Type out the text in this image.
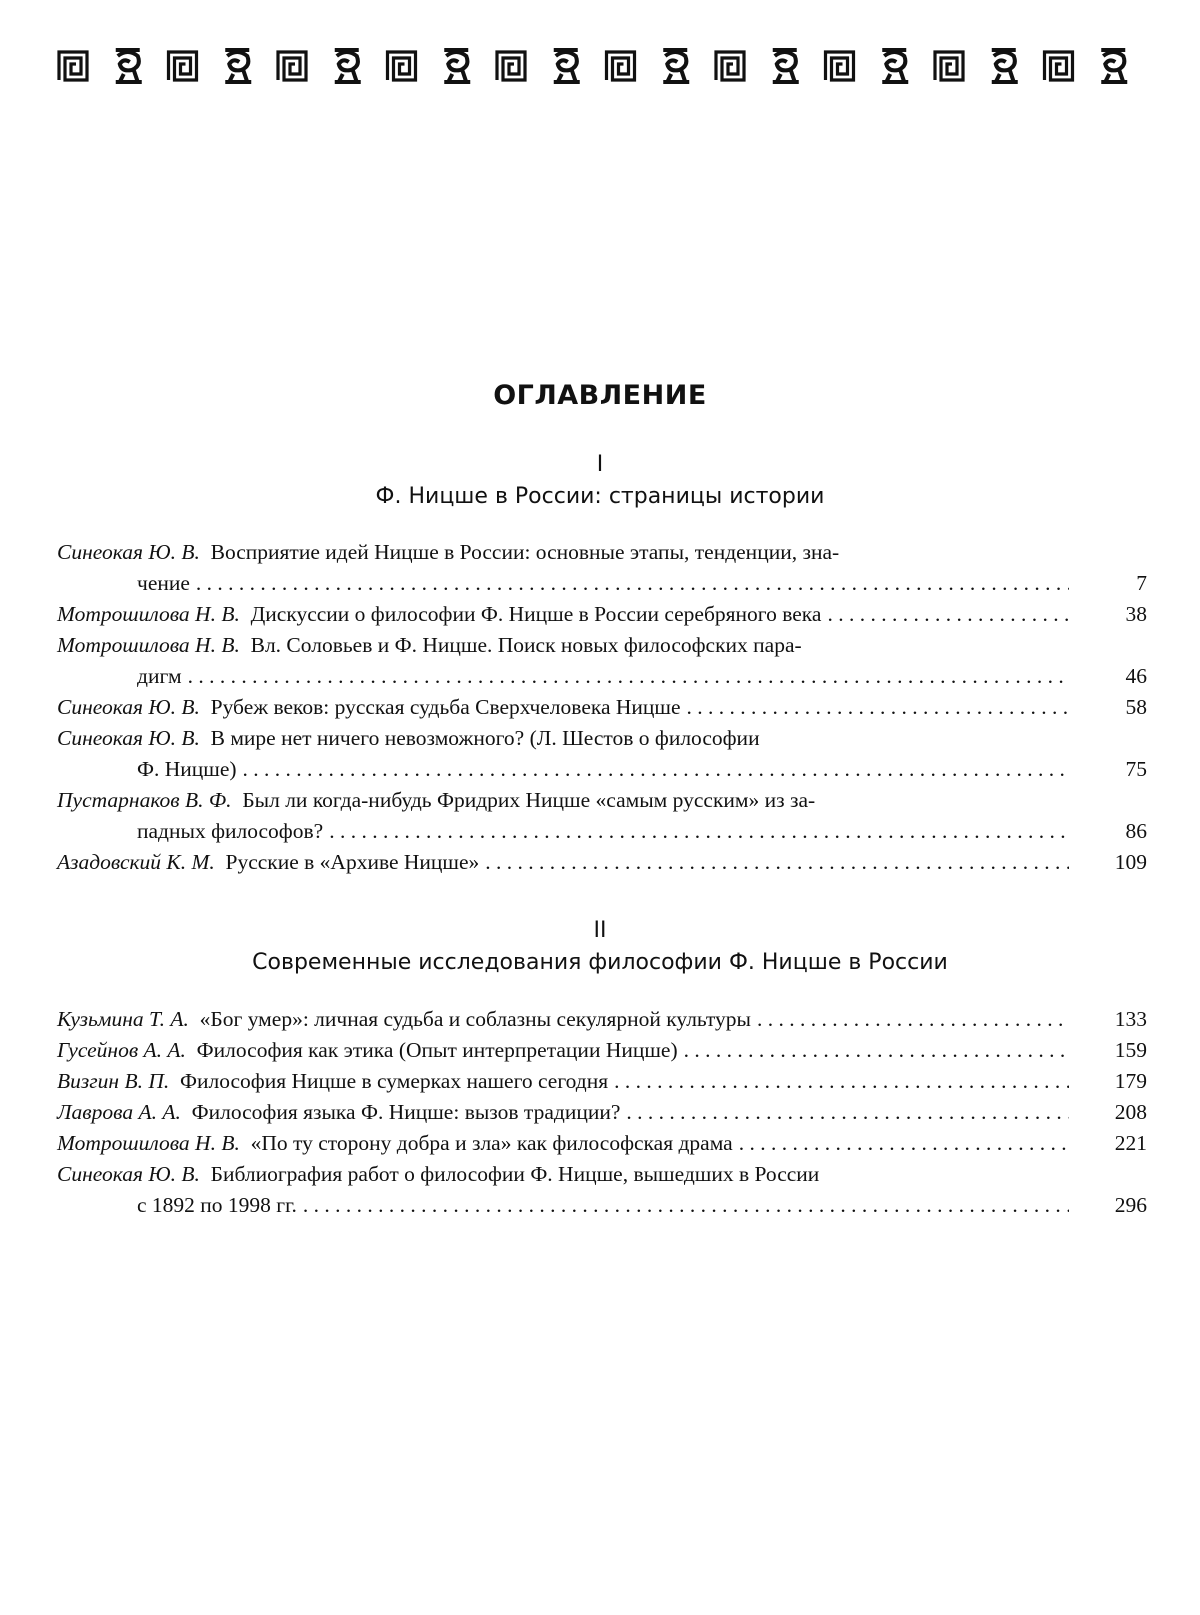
ОГЛАВЛЕНИЕ
I
Ф. Ницше в России: страницы истории
Синеокая Ю. В.
Восприятие идей Ницше в России: основные этапы, тенденции, зна-
чение . . .	7
Мотрошилова Н. В. Дискуссии о философии Ф. Ницше в России серебряного века . . .	38
Мотрошилова Н. В.
Вл. Соловьев и Ф. Ницше. Поиск новых философских пара-
дигм . . .	46
Синеокая Ю. В. Рубеж веков: русская судьба Сверхчеловека Ницше . . .	58
Синеокая Ю. В.
В мире нет ничего невозможного? (Л. Шестов о философии
Ф. Ницше) . . .	75
Пустарнаков В. Ф.
Был ли когда-нибудь Фридрих Ницше «самым русским» из за-
падных философов? . . .	86
Азадовский К. М. Русские в «Архиве Ницше» . . .	109
II
Современные исследования философии Ф. Ницше в России
Кузьмина Т. А. «Бог умер»: личная судьба и соблазны секулярной культуры . . .	133
Гусейнов А. А. Философия как этика (Опыт интерпретации Ницше) . . .	159
Визгин В. П. Философия Ницше в сумерках нашего сегодня . . .	179
Лаврова А. А. Философия языка Ф. Ницше: вызов традиции? . . .	208
Мотрошилова Н. В. «По ту сторону добра и зла» как философская драма . . .	221
Синеокая Ю. В.
Библиография работ о философии Ф. Ницше, вышедших в России
с 1892 по 1998 гг. . . .	296
